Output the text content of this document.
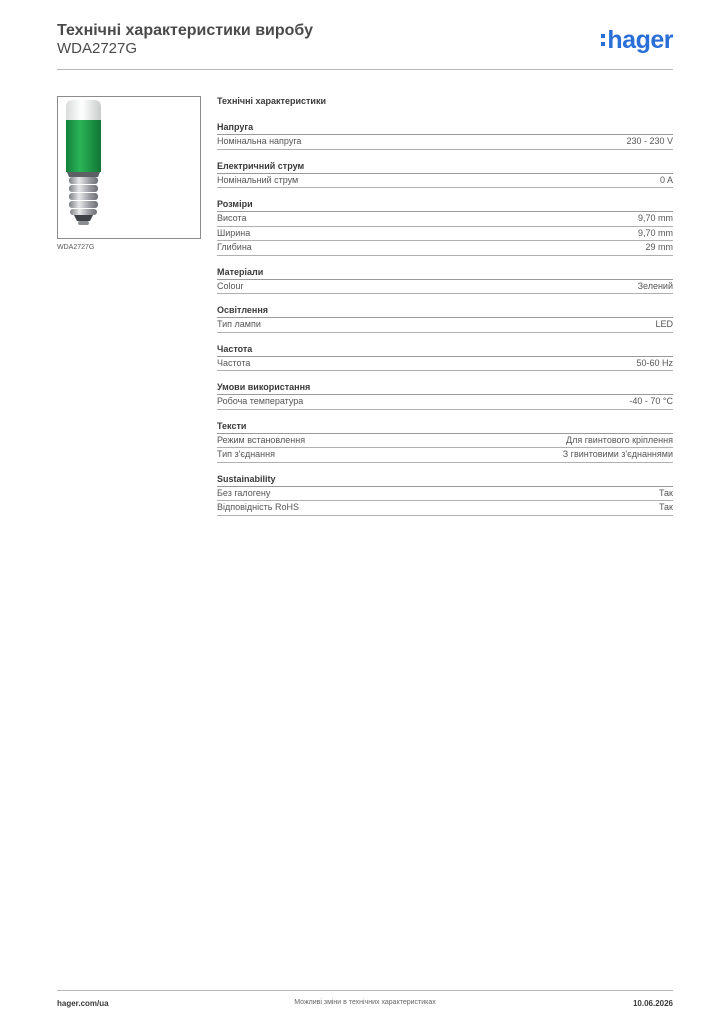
Технічні характеристики виробу
WDA2727G	hager
WDA2727G
Технічні характеристики
Напруга
Номінальна напруга	230 - 230 V
Електричний струм
Номінальний струм	0 A
Розміри
Висота	9,70 mm
Ширина	9,70 mm
Глибина	29 mm
Матеріали
Colour	Зелений
Освітлення
Тип лампи	LED
Частота
Частота	50-60 Hz
Умови використання
Робоча температура	-40 - 70 °C
Тексти
Режим встановлення	Для гвинтового кріплення
Тип з'єднання	З гвинтовими з'єднаннями
Sustainability
Без галогену	Так
Відповідність RoHS	Так
hager.com/ua	Можливі зміни в технічних характеристиках	10.06.2026
